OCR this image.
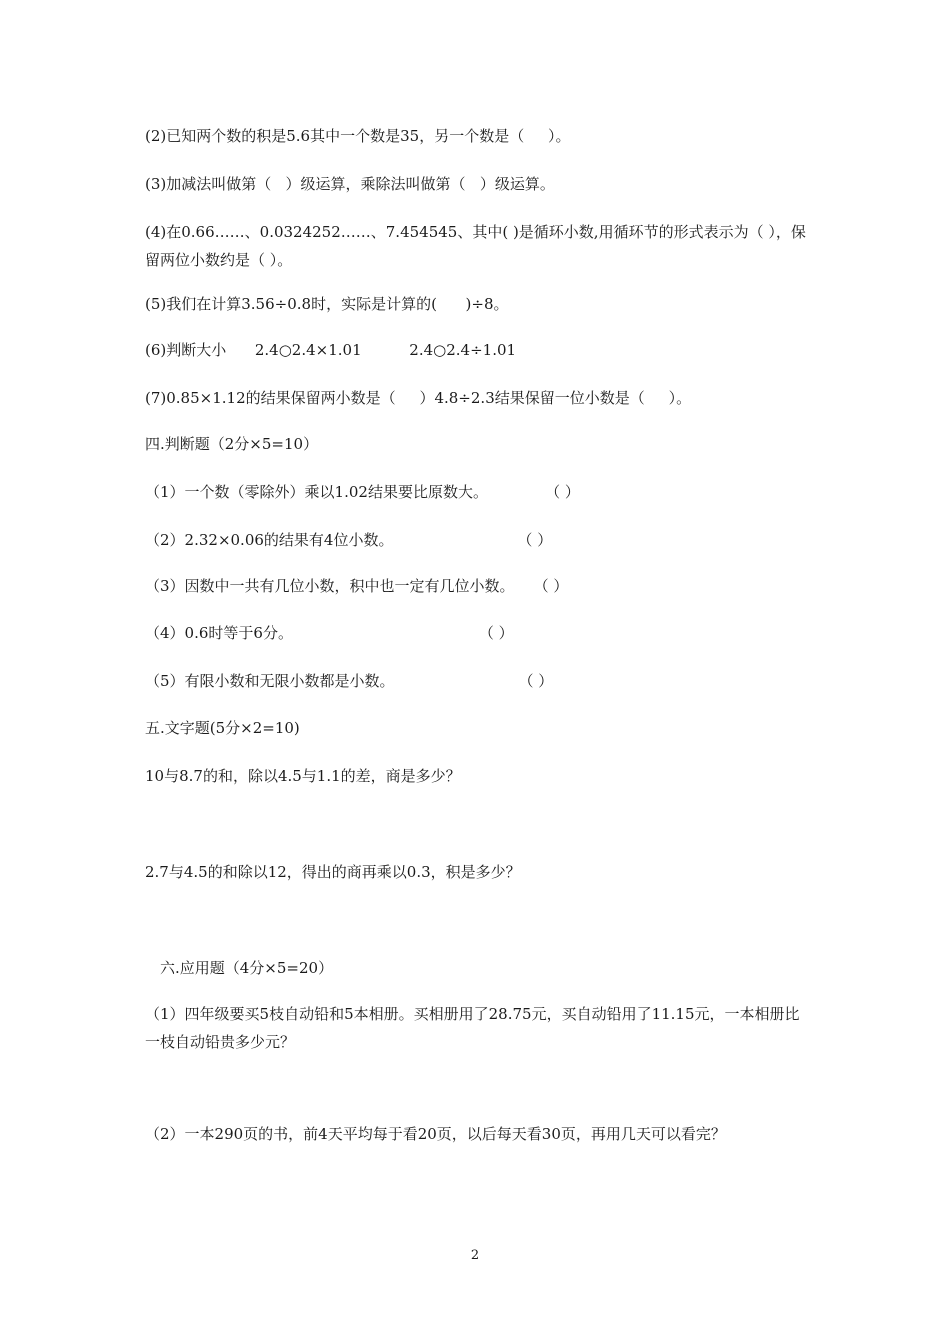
(2)已知两个数的积是5.6其中一个数是35，另一个数是（     ）。
(3)加减法叫做第（   ）级运算，乘除法叫做第（   ）级运算。
(4)在0.66……、0.0324252……、7.454545、其中( )是循环小数,用循环节的形式表示为（ ），保留两位小数约是（ ）。
(5)我们在计算3.56÷0.8时，实际是计算的(      )÷8。
(6)判断大小      2.4○2.4×1.01          2.4○2.4÷1.01
(7)0.85×1.12的结果保留两小数是（     ）4.8÷2.3结果保留一位小数是（     ）。
四.判断题（2分×5=10）
（1）一个数（零除外）乘以1.02结果要比原数大。            （ ）
（2）2.32×0.06的结果有4位小数。                          （ ）
（3）因数中一共有几位小数，积中也一定有几位小数。    （ ）
（4）0.6时等于6分。                                       （ ）
（5）有限小数和无限小数都是小数。                          （ ）
五.文字题(5分×2=10)
10与8.7的和，除以4.5与1.1的差，商是多少？
2.7与4.5的和除以12，得出的商再乘以0.3，积是多少？
六.应用题（4分×5=20）
（1）四年级要买5枝自动铅和5本相册。买相册用了28.75元，买自动铅用了11.15元，一本相册比一枝自动铅贵多少元？
（2）一本290页的书，前4天平均每于看20页，以后每天看30页，再用几天可以看完？
2
